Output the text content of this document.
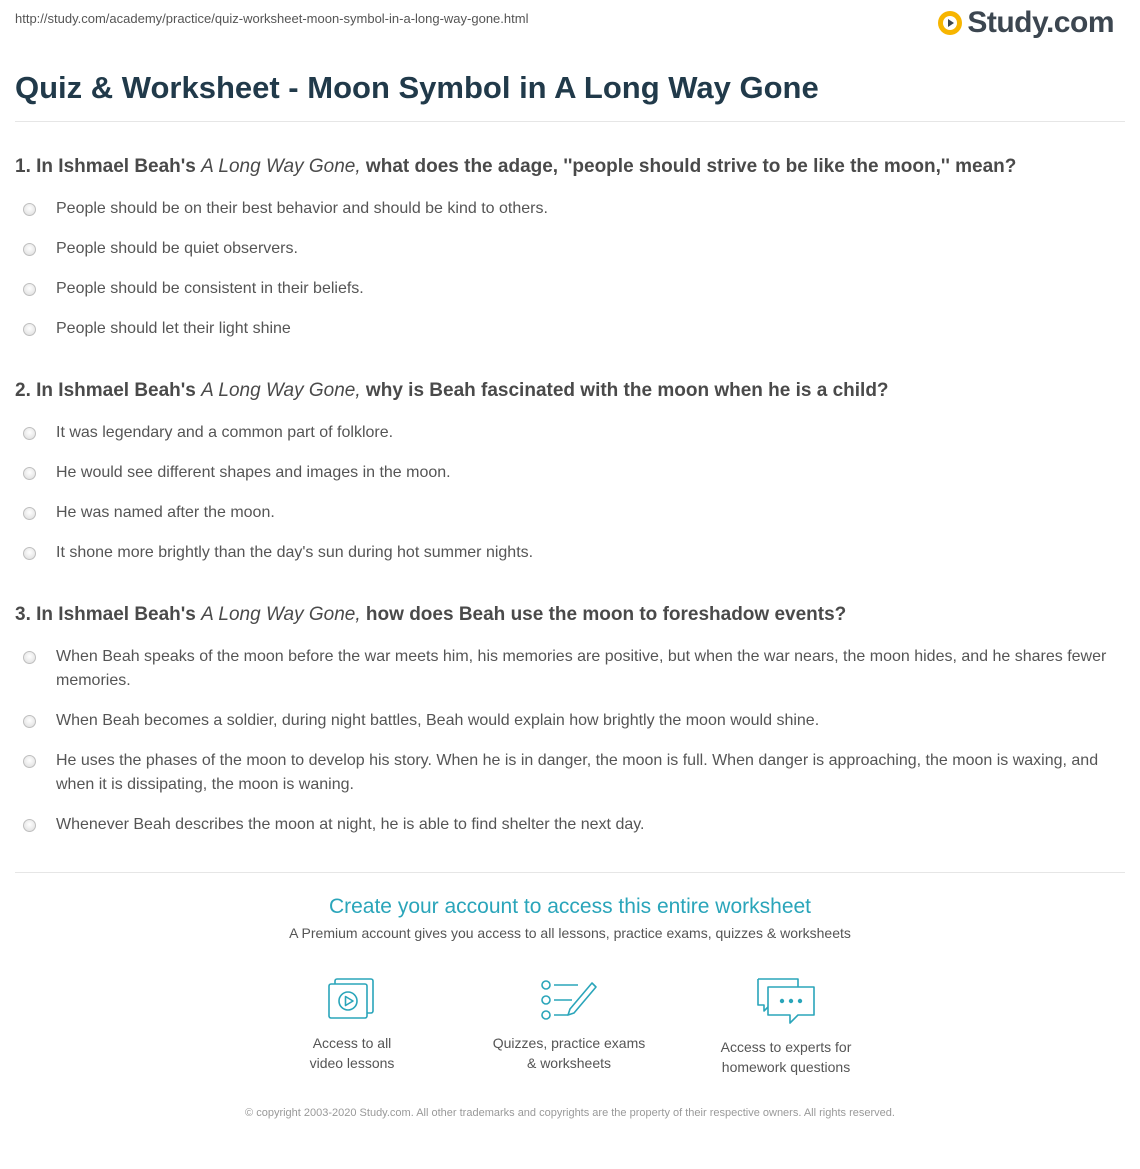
http://study.com/academy/practice/quiz-worksheet-moon-symbol-in-a-long-way-gone.html	Study.com
Quiz & Worksheet - Moon Symbol in A Long Way Gone

1. In Ishmael Beah's A Long Way Gone, what does the adage, ''people should strive to be like the moon,'' mean?

People should be on their best behavior and should be kind to others.
People should be quiet observers.
People should be consistent in their beliefs.
People should let their light shine

2. In Ishmael Beah's A Long Way Gone, why is Beah fascinated with the moon when he is a child?

It was legendary and a common part of folklore.
He would see different shapes and images in the moon.
He was named after the moon.
It shone more brightly than the day's sun during hot summer nights.

3. In Ishmael Beah's A Long Way Gone, how does Beah use the moon to foreshadow events?

When Beah speaks of the moon before the war meets him, his memories are positive, but when the war nears, the moon hides, and he shares fewer memories.
When Beah becomes a soldier, during night battles, Beah would explain how brightly the moon would shine.
He uses the phases of the moon to develop his story. When he is in danger, the moon is full. When danger is approaching, the moon is waxing, and when it is dissipating, the moon is waning.
Whenever Beah describes the moon at night, he is able to find shelter the next day.
Create your account to access this entire worksheet
A Premium account gives you access to all lessons, practice exams, quizzes & worksheets
Access to all
video lessons
Quizzes, practice exams
& worksheets
Access to experts for
homework questions
© copyright 2003-2020 Study.com. All other trademarks and copyrights are the property of their respective owners. All rights reserved.
